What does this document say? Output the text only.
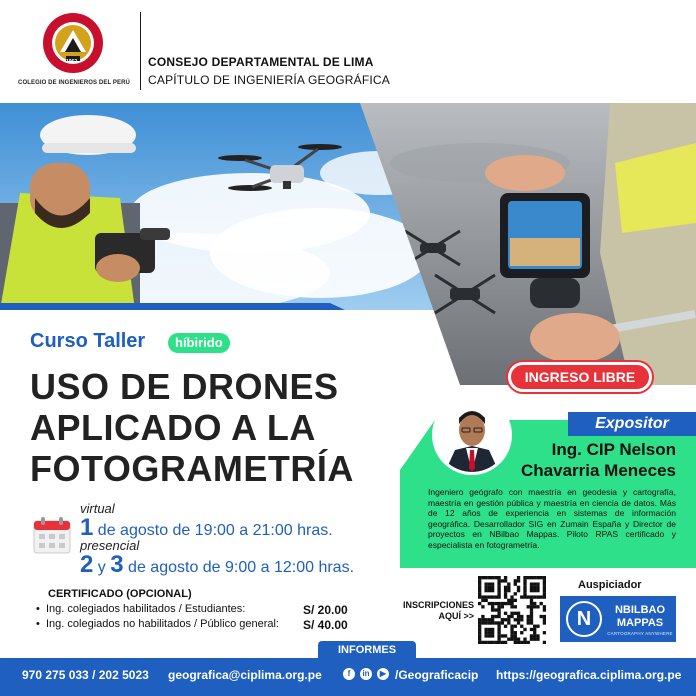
1962
COLEGIO DE INGENIEROS DEL PERÚ
CONSEJO DEPARTAMENTAL DE LIMA
CAPÍTULO DE INGENIERÍA GEOGRÁFICA
Curso Taller	híbirido
USO DE DRONES
APLICADO A LA
FOTOGRAMETRÍA
INGRESO LIBRE
Expositor
Ing. CIP Nelson
Chavarria Meneces
Ingeniero geógrafo con maestría en geodesia y cartografía, maestría en gestión pública y maestría en ciencia de datos. Más de 12 años de experiencia en sistemas de información geográfica. Desarrollador SIG en Zumain España y Director de proyectos en NBilbao Mappas. Piloto RPAS certificado y especialista en fotogrametría.
virtual
1 de agosto de 19:00 a 21:00 hras.
presencial
2 y 3 de agosto de 9:00 a 12:00 hras.
CERTIFICADO (OPCIONAL)
• Ing. colegiados habilitados / Estudiantes:	S/ 20.00
• Ing. colegiados no habilitados / Público general: S/ 40.00
INSCRIPCIONES
AQUÍ >>
Auspiciador
N	NBILBAO
MAPPAS
CARTOGRAPHY ANYWHERE
INFORMES
970 275 033 / 202 5023 geografica@ciplima.org.pe	f	in	▶ /Geograficacip https://geografica.ciplima.org.pe
